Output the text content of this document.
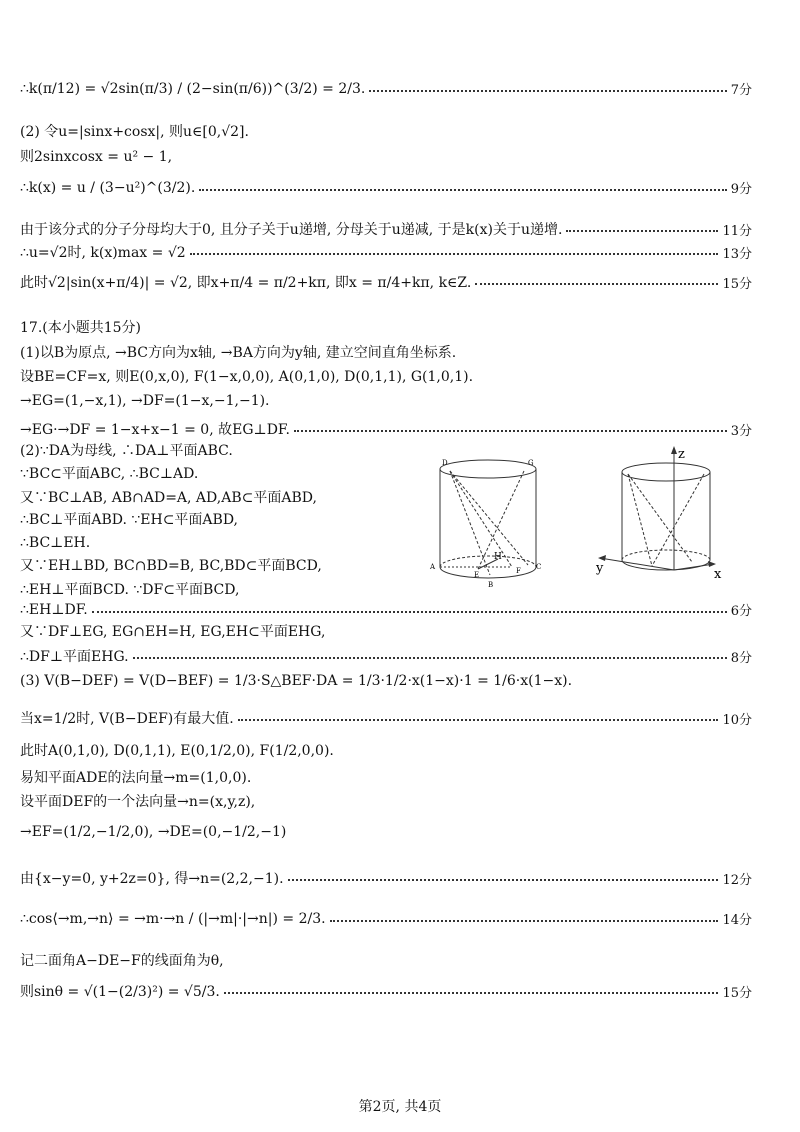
∴k(π/12) = √2sin(π/3) / (2−sin(π/6))^(3/2) = 2/3.	7分
(2) 令u=|sinx+cosx|, 则u∈[0,√2].
则2sinxcosx = u² − 1,
∴k(x) = u / (3−u²)^(3/2).	9分
由于该分式的分子分母均大于0, 且分子关于u递增, 分母关于u递减, 于是k(x)关于u递增.	11分
∴u=√2时, k(x)max = √2	13分
此时√2|sin(x+π/4)| = √2, 即x+π/4 = π/2+kπ, 即x = π/4+kπ, k∈Z.	15分
17.(本小题共15分)
(1)以B为原点, →BC方向为x轴, →BA方向为y轴, 建立空间直角坐标系.
设BE=CF=x, 则E(0,x,0), F(1−x,0,0), A(0,1,0), D(0,1,1), G(1,0,1).
→EG=(1,−x,1), →DF=(1−x,−1,−1).
→EG·→DF = 1−x+x−1 = 0, 故EG⊥DF.	3分
(2)∵DA为母线, ∴DA⊥平面ABC.
∵BC⊂平面ABC, ∴BC⊥AD.
又∵BC⊥AB, AB∩AD=A, AD,AB⊂平面ABD,
∴BC⊥平面ABD. ∵EH⊂平面ABD,
∴BC⊥EH.
又∵EH⊥BD, BC∩BD=B, BC,BD⊂平面BCD,
∴EH⊥平面BCD. ∵DF⊂平面BCD,
∴EH⊥DF.	6分
又∵DF⊥EG, EG∩EH=H, EG,EH⊂平面EHG,
∴DF⊥平面EHG.	8分
(3) V(B−DEF) = V(D−BEF) = 1/3·S△BEF·DA = 1/3·1/2·x(1−x)·1 = 1/6·x(1−x).
当x=1/2时, V(B−DEF)有最大值.	10分
此时A(0,1,0), D(0,1,1), E(0,1/2,0), F(1/2,0,0).
易知平面ADE的法向量→m=(1,0,0).
设平面DEF的一个法向量→n=(x,y,z),
→EF=(1/2,−1/2,0), →DE=(0,−1/2,−1)
由{x−y=0, y+2z=0}, 得→n=(2,2,−1).	12分
∴cos⟨→m,→n⟩ = →m·→n / (|→m|·|→n|) = 2/3.	14分
记二面角A−DE−F的线面角为θ,
则sinθ = √(1−(2/3)²) = √5/3.	15分
A
B
C
E	F
H
D	G
z
y	x
第2页, 共4页
